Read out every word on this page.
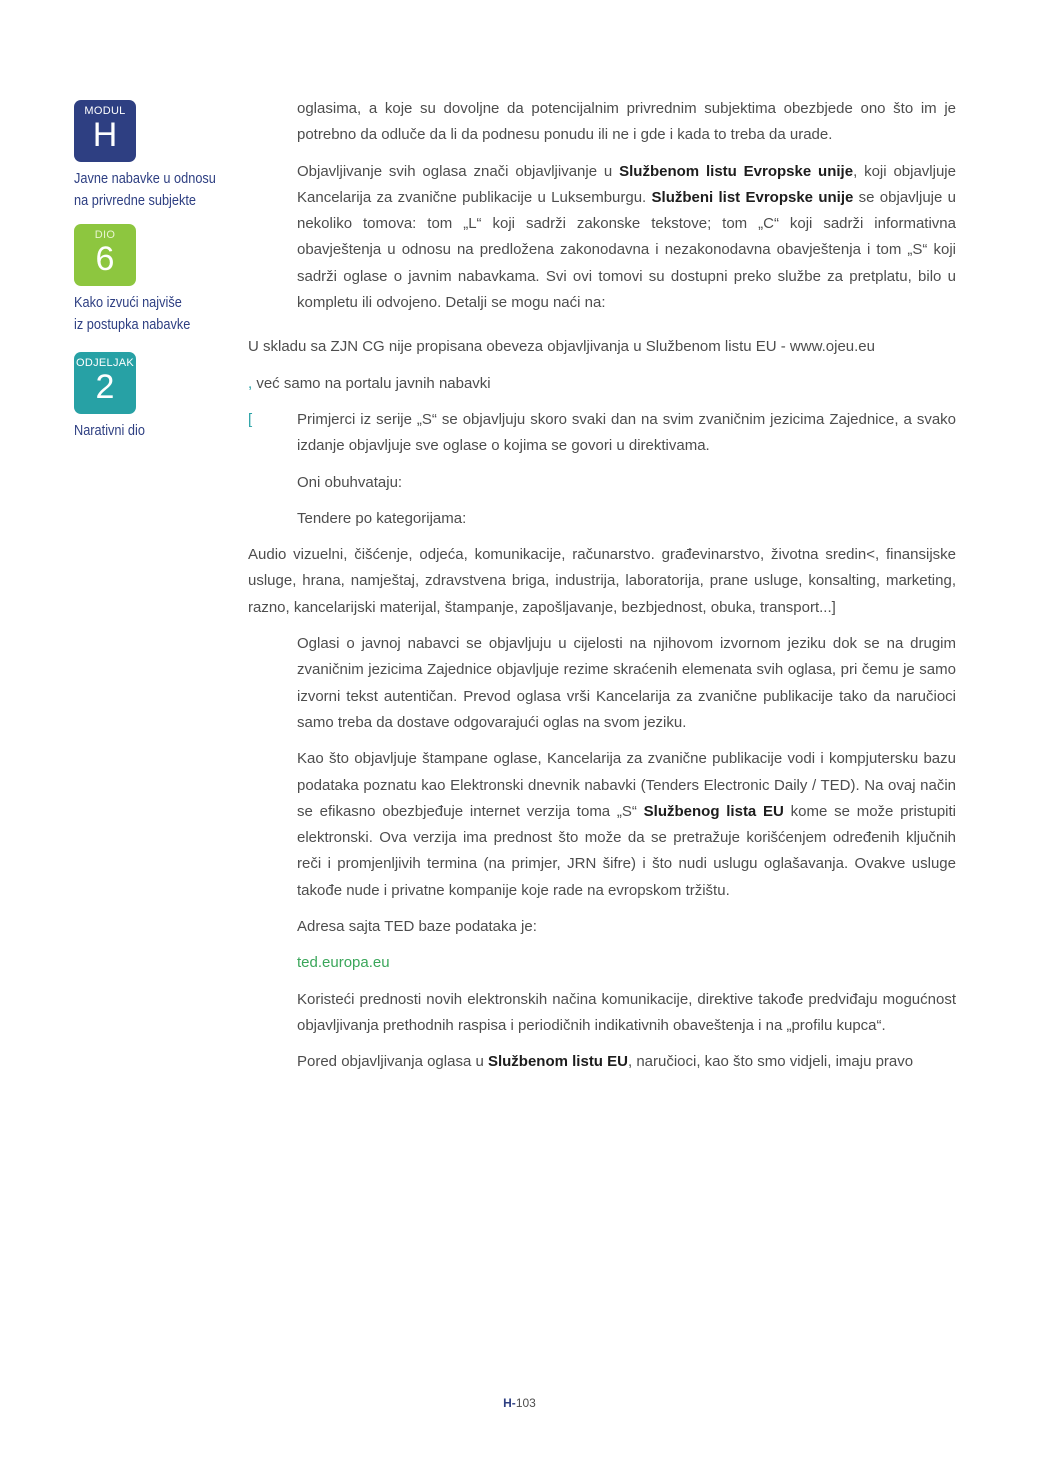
MODUL
H
Javne nabavke u odnosu
na privredne subjekte
DIO
6
Kako izvući najviše
iz postupka nabavke
ODJELJAK
2
Narativni dio

oglasima, a koje su dovoljne da potencijalnim privrednim subjektima obezbjede ono što im je potrebno da odluče da li da podnesu ponudu ili ne i gde i kada to treba da urade.

Objavljivanje svih oglasa znači objavljivanje u Službenom listu Evropske unije, koji objavljuje Kancelarija za zvanične publikacije u Luksemburgu. Službeni list Evropske unije se objavljuje u nekoliko tomova: tom „L“ koji sadrži zakonske tekstove; tom „C“ koji sadrži informativna obavještenja u odnosu na predložena zakonodavna i nezakonodavna obavještenja i tom „S“ koji sadrži oglase o javnim nabavkama. Svi ovi tomovi su dostupni preko službe za pretplatu, bilo u kompletu ili odvojeno. Detalji se mogu naći na:

U skladu sa ZJN CG nije propisana obeveza objavljivanja u Službenom listu EU - www.ojeu.eu

, već samo na portalu javnih nabavki

[	Primjerci iz serije „S“ se objavljuju skoro svaki dan na svim zvaničnim jezicima Zajednice, a svako izdanje objavljuje sve oglase o kojima se govori u direktivama.

Oni obuhvataju:

Tendere po kategorijama:

Audio vizuelni, čišćenje, odjeća, komunikacije, računarstvo. građevinarstvo, životna sredin<, finansijske usluge, hrana, namještaj, zdravstvena briga, industrija, laboratorija, prane usluge, konsalting, marketing, razno, kancelarijski materijal, štampanje, zapošljavanje, bezbjednost, obuka, transport...]

Oglasi o javnoj nabavci se objavljuju u cijelosti na njihovom izvornom jeziku dok se na drugim zvaničnim jezicima Zajednice objavljuje rezime skraćenih elemenata svih oglasa, pri čemu je samo izvorni tekst autentičan. Prevod oglasa vrši Kancelarija za zvanične publikacije tako da naručioci samo treba da dostave odgovarajući oglas na svom jeziku.

Kao što objavljuje štampane oglase, Kancelarija za zvanične publikacije vodi i kompjutersku bazu podataka poznatu kao Elektronski dnevnik nabavki (Tenders Electronic Daily / TED). Na ovaj način se efikasno obezbjeđuje internet verzija toma „S“ Službenog lista EU kome se može pristupiti elektronski. Ova verzija ima prednost što može da se pretražuje korišćenjem određenih ključnih reči i promjenljivih termina (na primjer, JRN šifre) i što nudi uslugu oglašavanja. Ovakve usluge takođe nude i privatne kompanije koje rade na evropskom tržištu.

Adresa sajta TED baze podataka je:

ted.europa.eu

Koristeći prednosti novih elektronskih načina komunikacije, direktive takođe predviđaju mogućnost objavljivanja prethodnih raspisa i periodičnih indikativnih obaveštenja i na „profilu kupca“.

Pored objavljivanja oglasa u Službenom listu EU, naručioci, kao što smo vidjeli, imaju pravo

H-103
